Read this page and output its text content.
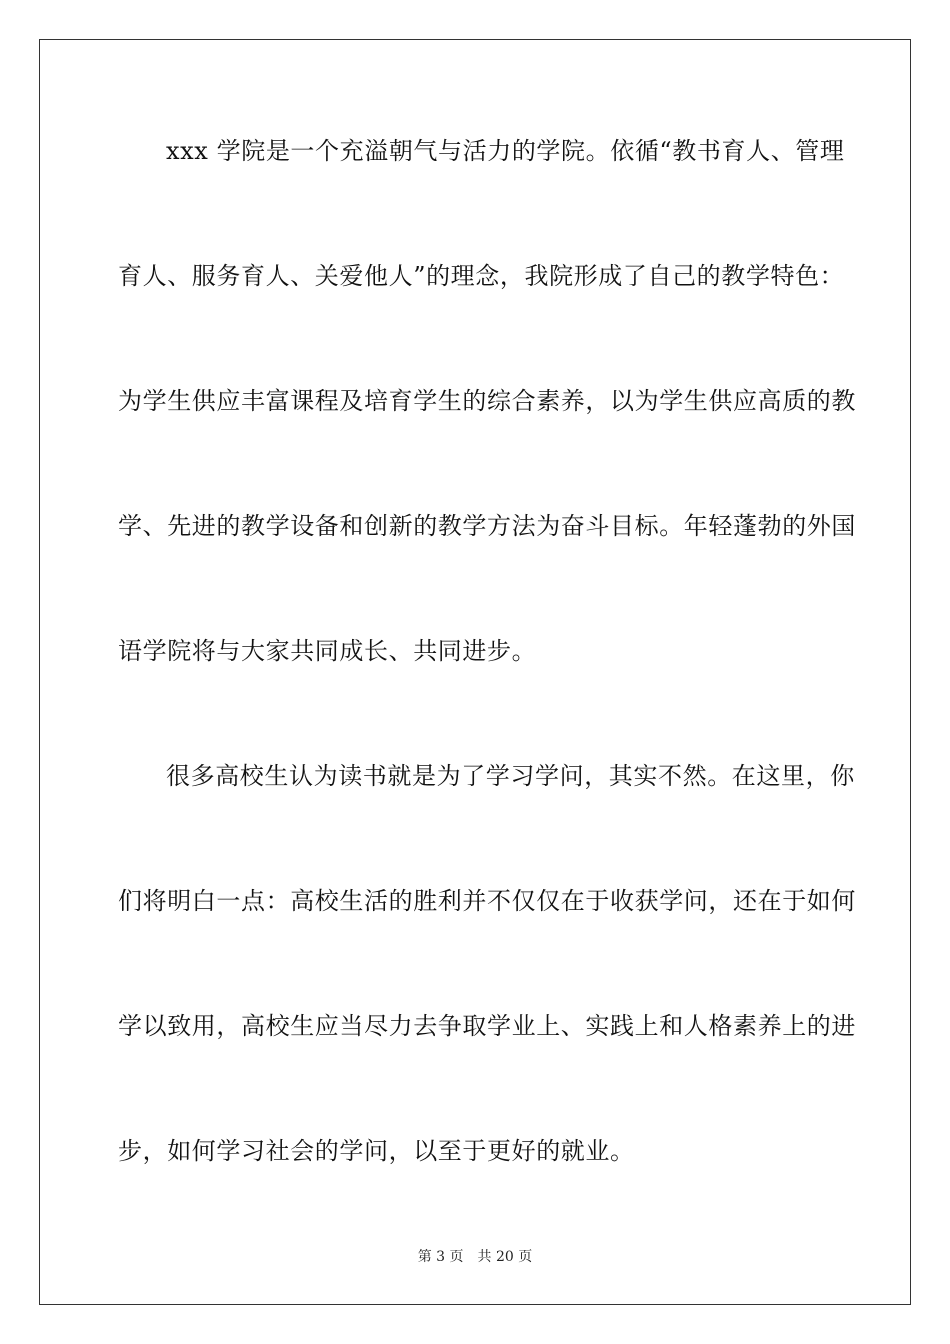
xxx 学院是一个充溢朝气与活力的学院。依循“教书育人、管理
育人、服务育人、关爱他人”的理念，我院形成了自己的教学特色：
为学生供应丰富课程及培育学生的综合素养，以为学生供应高质的教
学、先进的教学设备和创新的教学方法为奋斗目标。年轻蓬勃的外国
语学院将与大家共同成长、共同进步。
很多高校生认为读书就是为了学习学问，其实不然。在这里，你
们将明白一点：高校生活的胜利并不仅仅在于收获学问，还在于如何
学以致用，高校生应当尽力去争取学业上、实践上和人格素养上的进
步，如何学习社会的学问，以至于更好的就业。
第 3 页 共 20 页
